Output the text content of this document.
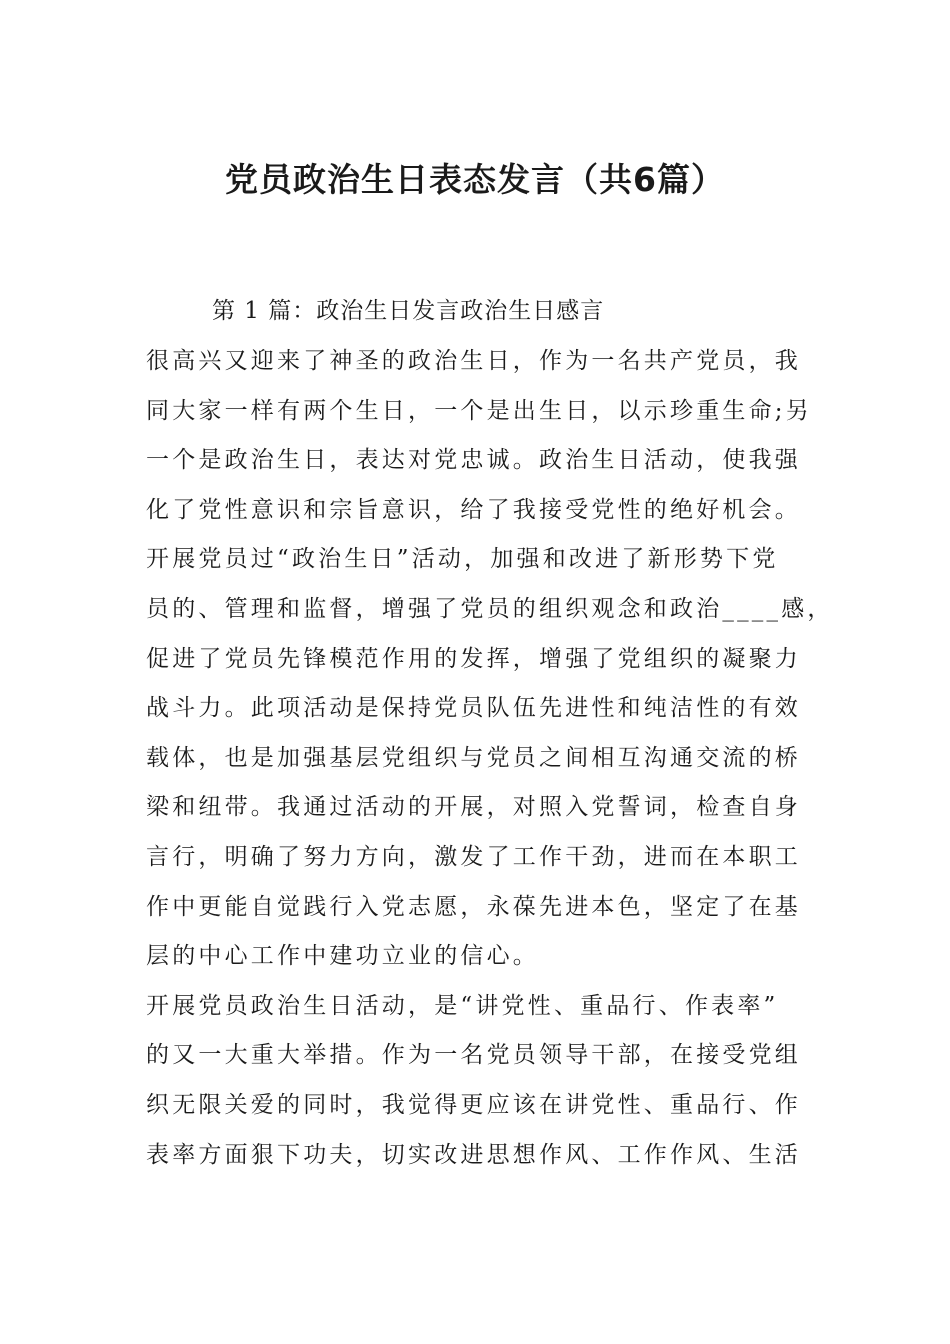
党员政治生日表态发言（共6篇）

第 1 篇：政治生日发言政治生日感言

很高兴又迎来了神圣的政治生日，作为一名共产党员，我
同大家一样有两个生日，一个是出生日，以示珍重生命;另
一个是政治生日，表达对党忠诚。政治生日活动，使我强
化了党性意识和宗旨意识，给了我接受党性的绝好机会。
开展党员过“政治生日”活动，加强和改进了新形势下党
员的、管理和监督，增强了党员的组织观念和政治____感，
促进了党员先锋模范作用的发挥，增强了党组织的凝聚力
战斗力。此项活动是保持党员队伍先进性和纯洁性的有效
载体，也是加强基层党组织与党员之间相互沟通交流的桥
梁和纽带。我通过活动的开展，对照入党誓词，检查自身
言行，明确了努力方向，激发了工作干劲，进而在本职工
作中更能自觉践行入党志愿，永葆先进本色，坚定了在基
层的中心工作中建功立业的信心。
开展党员政治生日活动，是“讲党性、重品行、作表率”
的又一大重大举措。作为一名党员领导干部，在接受党组
织无限关爱的同时，我觉得更应该在讲党性、重品行、作
表率方面狠下功夫，切实改进思想作风、工作作风、生活
